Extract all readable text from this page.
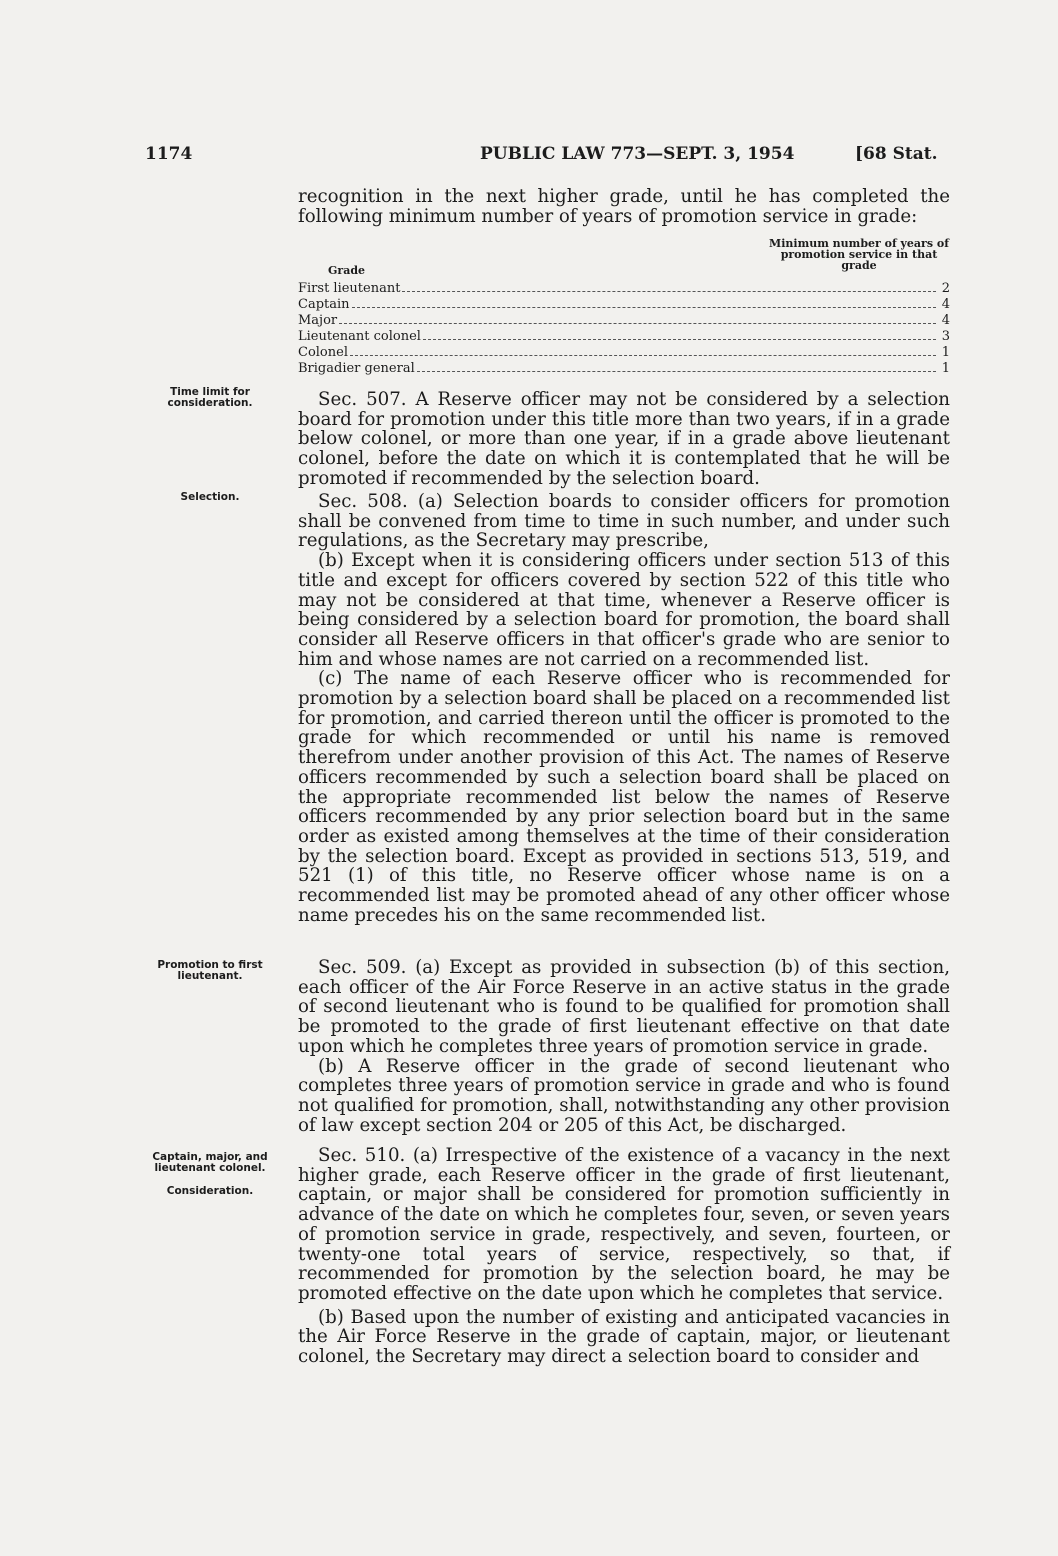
1174	PUBLIC LAW 773—SEPT. 3, 1954	[68 Stat.

recognition in the next higher grade, until he has completed the following minimum number of years of promotion service in grade:

Minimum number of years of promotion service in that grade
Grade
First lieutenant	2
Captain	4
Major	4
Lieutenant colonel	3
Colonel	1
Brigadier general	1
Time limit for consideration.
Selection.
Promotion to first lieutenant.
Captain, major, and lieutenant colonel.
Consideration.

Sec. 507. A Reserve officer may not be considered by a selection board for promotion under this title more than two years, if in a grade below colonel, or more than one year, if in a grade above lieutenant colonel, before the date on which it is contemplated that he will be promoted if recommended by the selection board.

Sec. 508. (a) Selection boards to consider officers for promotion shall be convened from time to time in such number, and under such regulations, as the Secretary may prescribe,

(b) Except when it is considering officers under section 513 of this title and except for officers covered by section 522 of this title who may not be considered at that time, whenever a Reserve officer is being considered by a selection board for promotion, the board shall consider all Reserve officers in that officer's grade who are senior to him and whose names are not carried on a recommended list.

(c) The name of each Reserve officer who is recommended for promotion by a selection board shall be placed on a recommended list for promotion, and carried thereon until the officer is promoted to the grade for which recommended or until his name is removed therefrom under another provision of this Act. The names of Reserve officers recommended by such a selection board shall be placed on the appropriate recommended list below the names of Reserve officers recommended by any prior selection board but in the same order as existed among themselves at the time of their consideration by the selection board. Except as provided in sections 513, 519, and 521 (1) of this title, no Reserve officer whose name is on a recommended list may be promoted ahead of any other officer whose name precedes his on the same recommended list.

Sec. 509. (a) Except as provided in subsection (b) of this section, each officer of the Air Force Reserve in an active status in the grade of second lieutenant who is found to be qualified for promotion shall be promoted to the grade of first lieutenant effective on that date upon which he completes three years of promotion service in grade.

(b) A Reserve officer in the grade of second lieutenant who completes three years of promotion service in grade and who is found not qualified for promotion, shall, notwithstanding any other provision of law except section 204 or 205 of this Act, be discharged.

Sec. 510. (a) Irrespective of the existence of a vacancy in the next higher grade, each Reserve officer in the grade of first lieutenant, captain, or major shall be considered for promotion sufficiently in advance of the date on which he completes four, seven, or seven years of promotion service in grade, respectively, and seven, fourteen, or twenty-one total years of service, respectively, so that, if recommended for promotion by the selection board, he may be promoted effective on the date upon which he completes that service.

(b) Based upon the number of existing and anticipated vacancies in the Air Force Reserve in the grade of captain, major, or lieutenant colonel, the Secretary may direct a selection board to consider and
